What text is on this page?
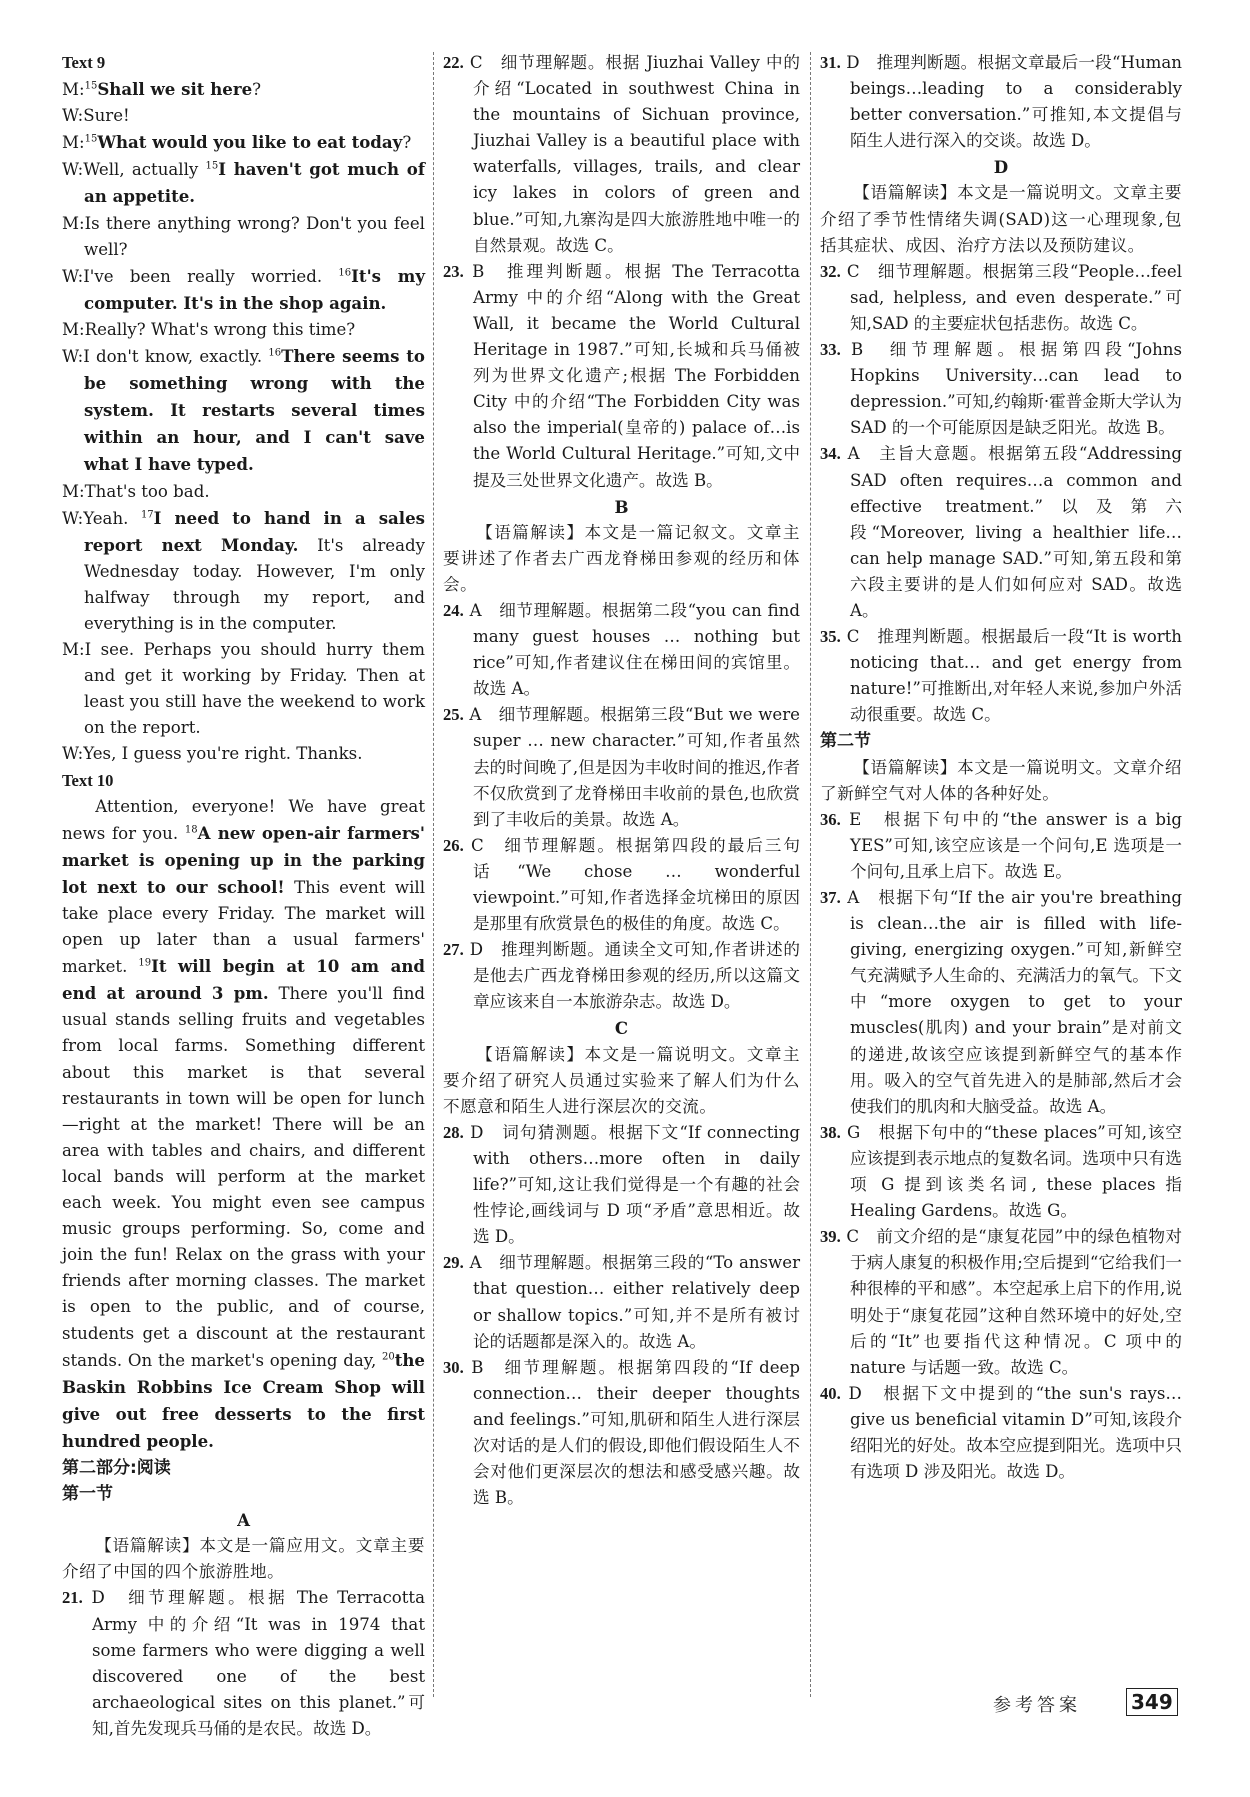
Text 9
M:$^{15}$Shall we sit here?
W:Sure!
M:$^{15}$What would you like to eat today?
W:Well, actually $^{15}$I haven't got much of an appetite.
M:Is there anything wrong? Don't you feel well?
W:I've been really worried. $^{16}$It's my computer. It's in the shop again.
M:Really? What's wrong this time?
W:I don't know, exactly. $^{16}$There seems to be something wrong with the system. It restarts several times within an hour, and I can't save what I have typed.
M:That's too bad.
W:Yeah. $^{17}$I need to hand in a sales report next Monday. It's already Wednesday today. However, I'm only halfway through my report, and everything is in the computer.
M:I see. Perhaps you should hurry them and get it working by Friday. Then at least you still have the weekend to work on the report.
W:Yes, I guess you're right. Thanks.
Text 10
Attention, everyone! We have great news for you. $^{18}$A new open-air farmers' market is opening up in the parking lot next to our school! This event will take place every Friday. The market will open up later than a usual farmers' market. $^{19}$It will begin at 10 am and end at around 3 pm. There you'll find usual stands selling fruits and vegetables from local farms. Something different about this market is that several restaurants in town will be open for lunch—right at the market! There will be an area with tables and chairs, and different local bands will perform at the market each week. You might even see campus music groups performing. So, come and join the fun! Relax on the grass with your friends after morning classes. The market is open to the public, and of course, students get a discount at the restaurant stands. On the market's opening day, $^{20}$the Baskin Robbins Ice Cream Shop will give out free desserts to the first hundred people.
第二部分:阅读
第一节
A
【语篇解读】本文是一篇应用文。文章主要介绍了中国的四个旅游胜地。
21. D　细节理解题。根据 The Terracotta Army 中的介绍“It was in 1974 that some farmers who were digging a well discovered one of the best archaeological sites on this planet.”可知,首先发现兵马俑的是农民。故选 D。
22. C　细节理解题。根据 Jiuzhai Valley 中的介绍“Located in southwest China in the mountains of Sichuan province, Jiuzhai Valley is a beautiful place with waterfalls, villages, trails, and clear icy lakes in colors of green and blue.”可知,九寨沟是四大旅游胜地中唯一的自然景观。故选 C。
23. B　推理判断题。根据 The Terracotta Army 中的介绍“Along with the Great Wall, it became the World Cultural Heritage in 1987.”可知,长城和兵马俑被列为世界文化遗产;根据 The Forbidden City 中的介绍“The Forbidden City was also the imperial(皇帝的) palace of…is the World Cultural Heritage.”可知,文中提及三处世界文化遗产。故选 B。
B
【语篇解读】本文是一篇记叙文。文章主要讲述了作者去广西龙脊梯田参观的经历和体会。
24. A　细节理解题。根据第二段“you can find many guest houses … nothing but rice”可知,作者建议住在梯田间的宾馆里。故选 A。
25. A　细节理解题。根据第三段“But we were super … new character.”可知,作者虽然去的时间晚了,但是因为丰收时间的推迟,作者不仅欣赏到了龙脊梯田丰收前的景色,也欣赏到了丰收后的美景。故选 A。
26. C　细节理解题。根据第四段的最后三句话“We chose … wonderful viewpoint.”可知,作者选择金坑梯田的原因是那里有欣赏景色的极佳的角度。故选 C。
27. D　推理判断题。通读全文可知,作者讲述的是他去广西龙脊梯田参观的经历,所以这篇文章应该来自一本旅游杂志。故选 D。
C
【语篇解读】本文是一篇说明文。文章主要介绍了研究人员通过实验来了解人们为什么不愿意和陌生人进行深层次的交流。
28. D　词句猜测题。根据下文“If connecting with others…more often in daily life?”可知,这让我们觉得是一个有趣的社会性悖论,画线词与 D 项“矛盾”意思相近。故选 D。
29. A　细节理解题。根据第三段的“To answer that question… either relatively deep or shallow topics.”可知,并不是所有被讨论的话题都是深入的。故选 A。
30. B　细节理解题。根据第四段的“If deep connection… their deeper thoughts and feelings.”可知,肌研和陌生人进行深层次对话的是人们的假设,即他们假设陌生人不会对他们更深层次的想法和感受感兴趣。故选 B。
31. D　推理判断题。根据文章最后一段“Human beings…leading to a considerably better conversation.”可推知,本文提倡与陌生人进行深入的交谈。故选 D。
D
【语篇解读】本文是一篇说明文。文章主要介绍了季节性情绪失调(SAD)这一心理现象,包括其症状、成因、治疗方法以及预防建议。
32. C　细节理解题。根据第三段“People…feel sad, helpless, and even desperate.”可知,SAD 的主要症状包括悲伤。故选 C。
33. B　细节理解题。根据第四段“Johns Hopkins University…can lead to depression.”可知,约翰斯·霍普金斯大学认为 SAD 的一个可能原因是缺乏阳光。故选 B。
34. A　主旨大意题。根据第五段“Addressing SAD often requires…a common and effective treatment.”以及第六段“Moreover, living a healthier life…can help manage SAD.”可知,第五段和第六段主要讲的是人们如何应对 SAD。故选 A。
35. C　推理判断题。根据最后一段“It is worth noticing that… and get energy from nature!”可推断出,对年轻人来说,参加户外活动很重要。故选 C。
第二节
【语篇解读】本文是一篇说明文。文章介绍了新鲜空气对人体的各种好处。
36. E　根据下句中的“the answer is a big YES”可知,该空应该是一个问句,E 选项是一个问句,且承上启下。故选 E。
37. A　根据下句“If the air you're breathing is clean…the air is filled with life-giving, energizing oxygen.”可知,新鲜空气充满赋予人生命的、充满活力的氧气。下文中“more oxygen to get to your muscles(肌肉) and your brain”是对前文的递进,故该空应该提到新鲜空气的基本作用。吸入的空气首先进入的是肺部,然后才会使我们的肌肉和大脑受益。故选 A。
38. G　根据下句中的“these places”可知,该空应该提到表示地点的复数名词。选项中只有选项 G 提到该类名词, these places 指 Healing Gardens。故选 G。
39. C　前文介绍的是“康复花园”中的绿色植物对于病人康复的积极作用;空后提到“它给我们一种很棒的平和感”。本空起承上启下的作用,说明处于“康复花园”这种自然环境中的好处,空后的“It”也要指代这种情况。C 项中的 nature 与话题一致。故选 C。
40. D　根据下文中提到的“the sun's rays…give us beneficial vitamin D”可知,该段介绍阳光的好处。故本空应提到阳光。选项中只有选项 D 涉及阳光。故选 D。
参考答案	349
